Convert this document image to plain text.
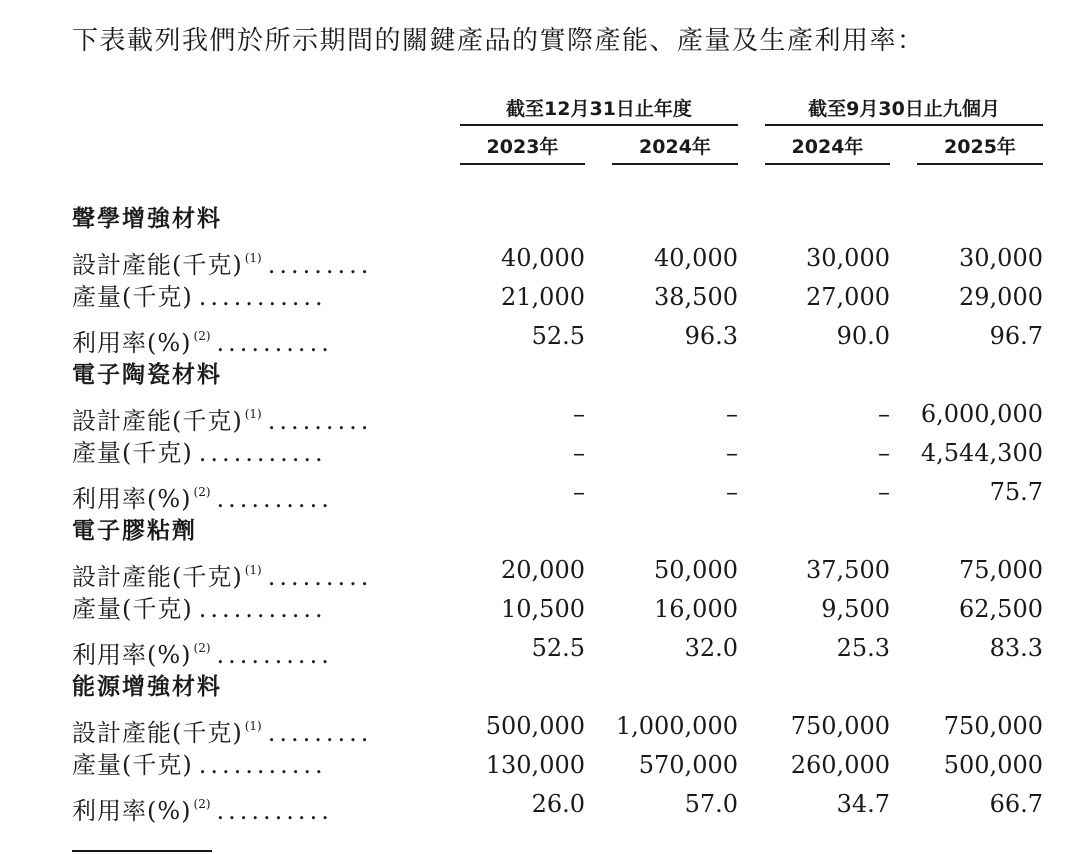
下表載列我們於所示期間的關鍵產品的實際產能、產量及生產利用率：
截至12月31日止年度	截至9月30日止九個月
2023年	2024年	2024年	2025年
聲學增強材料
設計產能(千克) $^{(1)}$ .........	40,000	40,000	30,000	30,000
產量(千克) ...........	21,000	38,500	27,000	29,000
利用率(%) $^{(2)}$ ..........	52.5	96.3	90.0	96.7
電子陶瓷材料
設計產能(千克) $^{(1)}$ .........	–	–	–	6,000,000
產量(千克) ...........	–	–	–	4,544,300
利用率(%) $^{(2)}$ ..........	–	–	–	75.7
電子膠粘劑
設計產能(千克) $^{(1)}$ .........	20,000	50,000	37,500	75,000
產量(千克) ...........	10,500	16,000	9,500	62,500
利用率(%) $^{(2)}$ ..........	52.5	32.0	25.3	83.3
能源增強材料
設計產能(千克) $^{(1)}$ .........	500,000	1,000,000	750,000	750,000
產量(千克) ...........	130,000	570,000	260,000	500,000
利用率(%) $^{(2)}$ ..........	26.0	57.0	34.7	66.7
